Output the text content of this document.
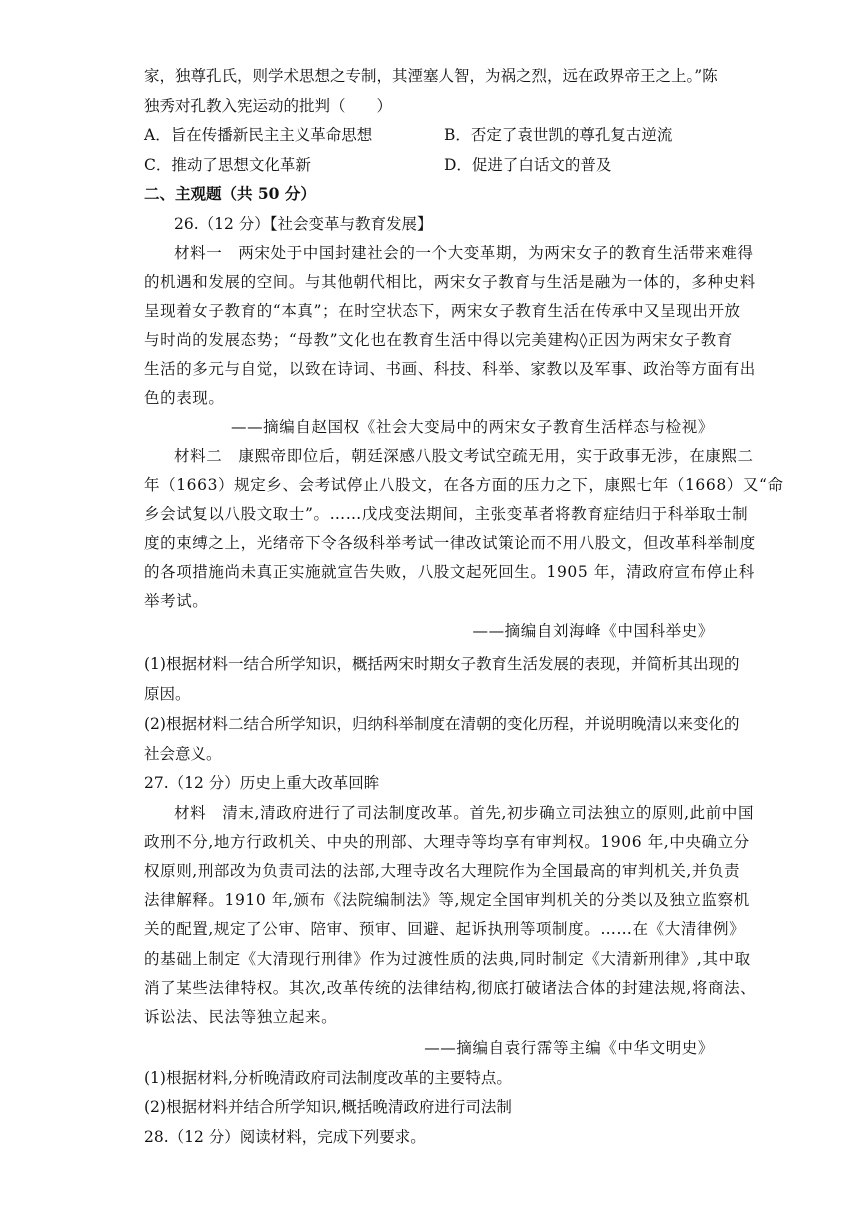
家，独尊孔氏，则学术思想之专制，其湮塞人智，为祸之烈，远在政界帝王之上。”陈
独秀对孔教入宪运动的批判（　　）
A．旨在传播新民主主义革命思想	B．否定了袁世凯的尊孔复古逆流
C．推动了思想文化革新	D．促进了白话文的普及
二、主观题（共 50 分）
26.（12 分）【社会变革与教育发展】
材料一　两宋处于中国封建社会的一个大变革期，为两宋女子的教育生活带来难得
的机遇和发展的空间。与其他朝代相比，两宋女子教育与生活是融为一体的，多种史料
呈现着女子教育的“本真”；在时空状态下，两宋女子教育生活在传承中又呈现出开放
与时尚的发展态势；“母教”文化也在教育生活中得以完美建构◊正因为两宋女子教育
生活的多元与自觉，以致在诗词、书画、科技、科举、家教以及军事、政治等方面有出
色的表现。
——摘编自赵国权《社会大变局中的两宋女子教育生活样态与检视》
材料二　康熙帝即位后，朝廷深感八股文考试空疏无用，实于政事无涉，在康熙二
年（1663）规定乡、会考试停止八股文，在各方面的压力之下，康熙七年（1668）又“命
乡会试复以八股文取士”。……戊戌变法期间，主张变革者将教育症结归于科举取士制
度的束缚之上，光绪帝下令各级科举考试一律改试策论而不用八股文，但改革科举制度
的各项措施尚未真正实施就宣告失败，八股文起死回生。1905 年，清政府宣布停止科
举考试。
——摘编自刘海峰《中国科举史》
(1)根据材料一结合所学知识，概括两宋时期女子教育生活发展的表现，并简析其出现的
原因。
(2)根据材料二结合所学知识，归纳科举制度在清朝的变化历程，并说明晚清以来变化的
社会意义。
27.（12 分）历史上重大改革回眸
材料　清末,清政府进行了司法制度改革。首先,初步确立司法独立的原则,此前中国
政刑不分,地方行政机关、中央的刑部、大理寺等均享有审判权。1906 年,中央确立分
权原则,刑部改为负责司法的法部,大理寺改名大理院作为全国最高的审判机关,并负责
法律解释。1910 年,颁布《法院编制法》等,规定全国审判机关的分类以及独立监察机
关的配置,规定了公审、陪审、预审、回避、起诉执刑等项制度。……在《大清律例》
的基础上制定《大清现行刑律》作为过渡性质的法典,同时制定《大清新刑律》,其中取
消了某些法律特权。其次,改革传统的法律结构,彻底打破诸法合体的封建法规,将商法、
诉讼法、民法等独立起来。
——摘编自袁行霈等主编《中华文明史》
(1)根据材料,分析晚清政府司法制度改革的主要特点。
(2)根据材料并结合所学知识,概括晚清政府进行司法制
28.（12 分）阅读材料，完成下列要求。
